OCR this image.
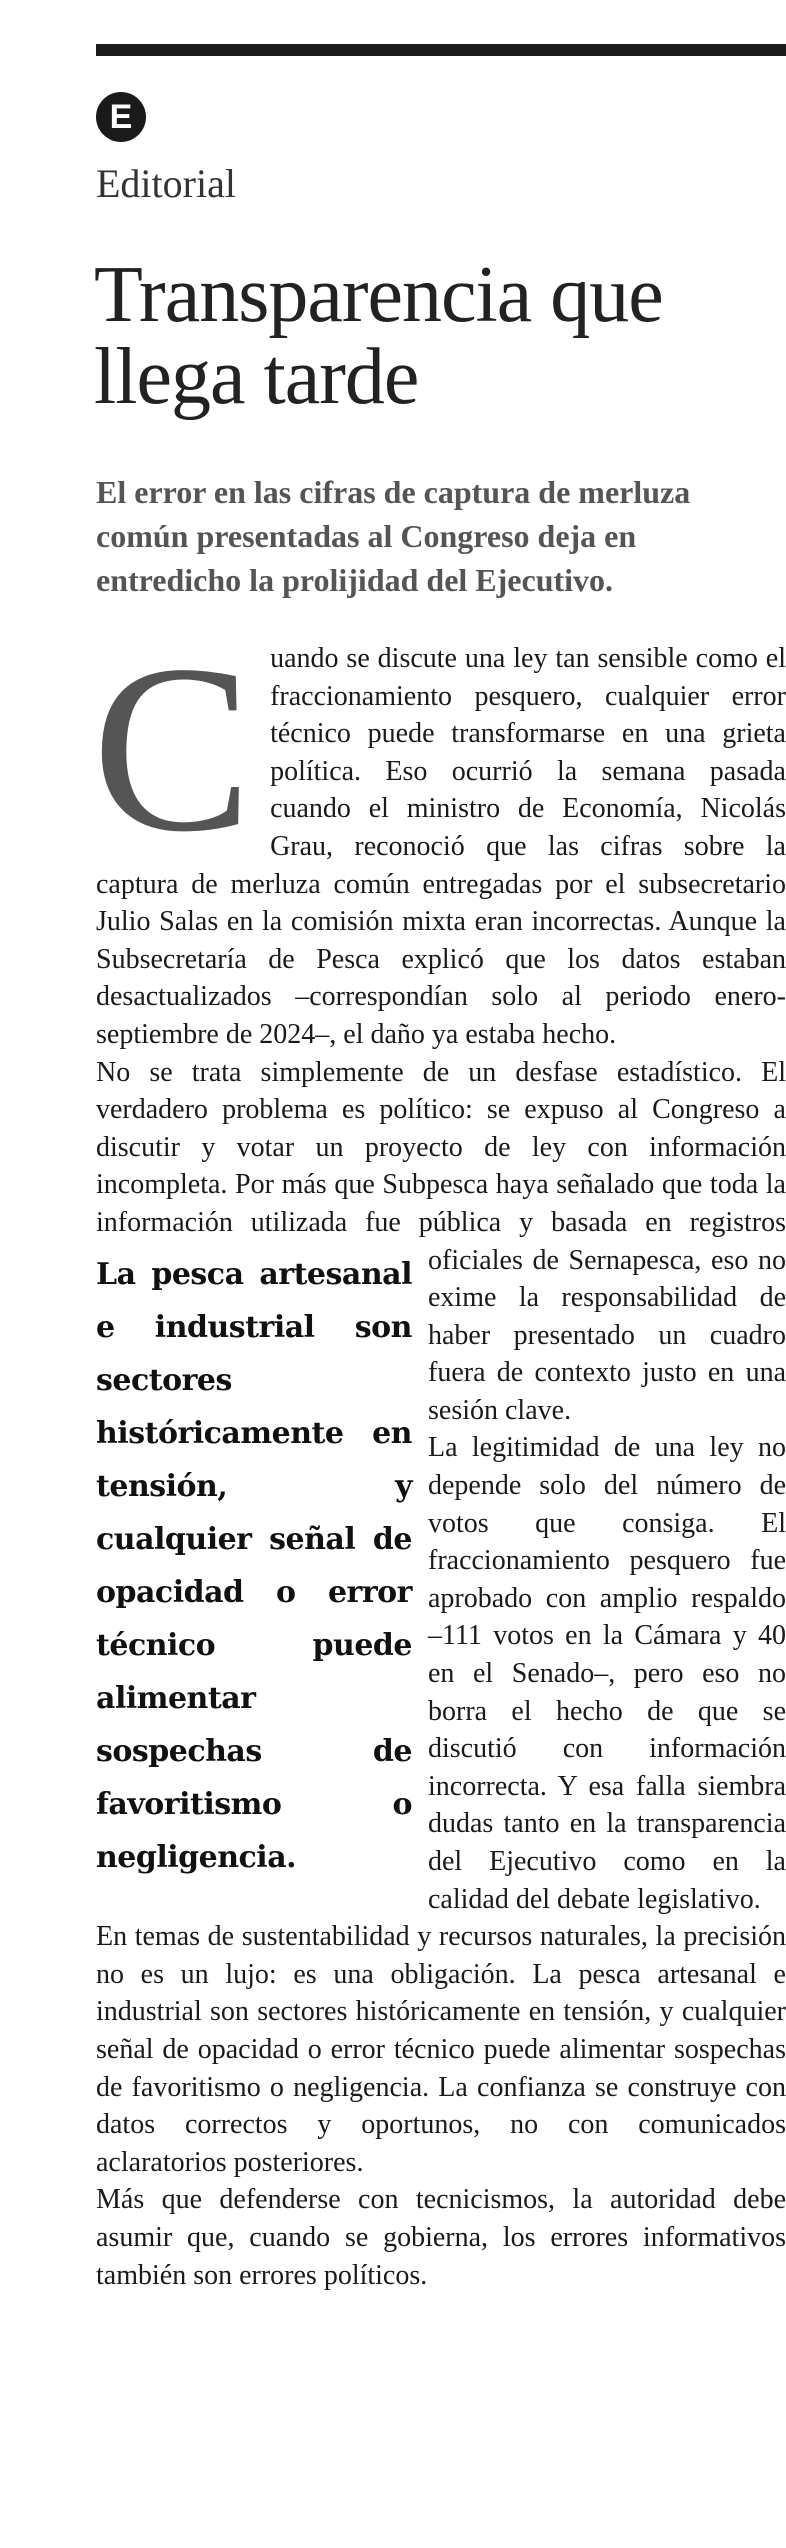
E
Editorial
Transparencia que llega tarde
El error en las cifras de captura de merluza común presentadas al Congreso deja en entredicho la prolijidad del Ejecutivo.
C uando se discute una ley tan sensible como el fraccionamiento pesquero, cualquier error técnico puede transformarse en una grieta política. Eso ocurrió la semana pasada cuando el ministro de Economía, Nicolás Grau, reconoció que las cifras sobre la captura de merluza común entregadas por el subsecretario Julio Salas en la comisión mixta eran incorrectas. Aunque la Subsecretaría de Pesca explicó que los datos estaban desactualizados –correspondían solo al periodo enero-septiembre de 2024–, el daño ya estaba hecho.

No se trata simplemente de un desfase estadístico. El verdadero problema es político: se expuso al Congreso a discutir y votar un proyecto de ley con información incompleta. Por más que Subpesca haya señalado que toda la información utilizada fue pública y ba
La pesca artesanal e industrial son sectores históricamente en tensión, y cualquier señal de opacidad o error técnico puede alimentar sospechas de favoritismo o negligencia.
sada en registros oficiales de Sernapesca, eso no exime la responsabilidad de haber presentado un cuadro fuera de contexto justo en una sesión clave.

La legitimidad de una ley no depende solo del número de votos que consiga. El fraccionamiento pesquero fue aprobado con amplio respaldo –111 votos en la Cámara y 40 en el Senado–, pero eso no borra el hecho de que se discutió con información incorrecta. Y esa falla siembra dudas tanto en la transparencia del Ejecutivo como en la calidad del debate legislativo.

En temas de sustentabilidad y recursos naturales, la precisión no es un lujo: es una obligación. La pesca artesanal e industrial son sectores históricamente en tensión, y cualquier señal de opacidad o error técnico puede alimentar sospechas de favoritismo o negligencia. La confianza se construye con datos correctos y oportunos, no con comunicados aclaratorios posteriores.

Más que defenderse con tecnicismos, la autoridad debe asumir que, cuando se gobierna, los errores informativos también son errores políticos.
